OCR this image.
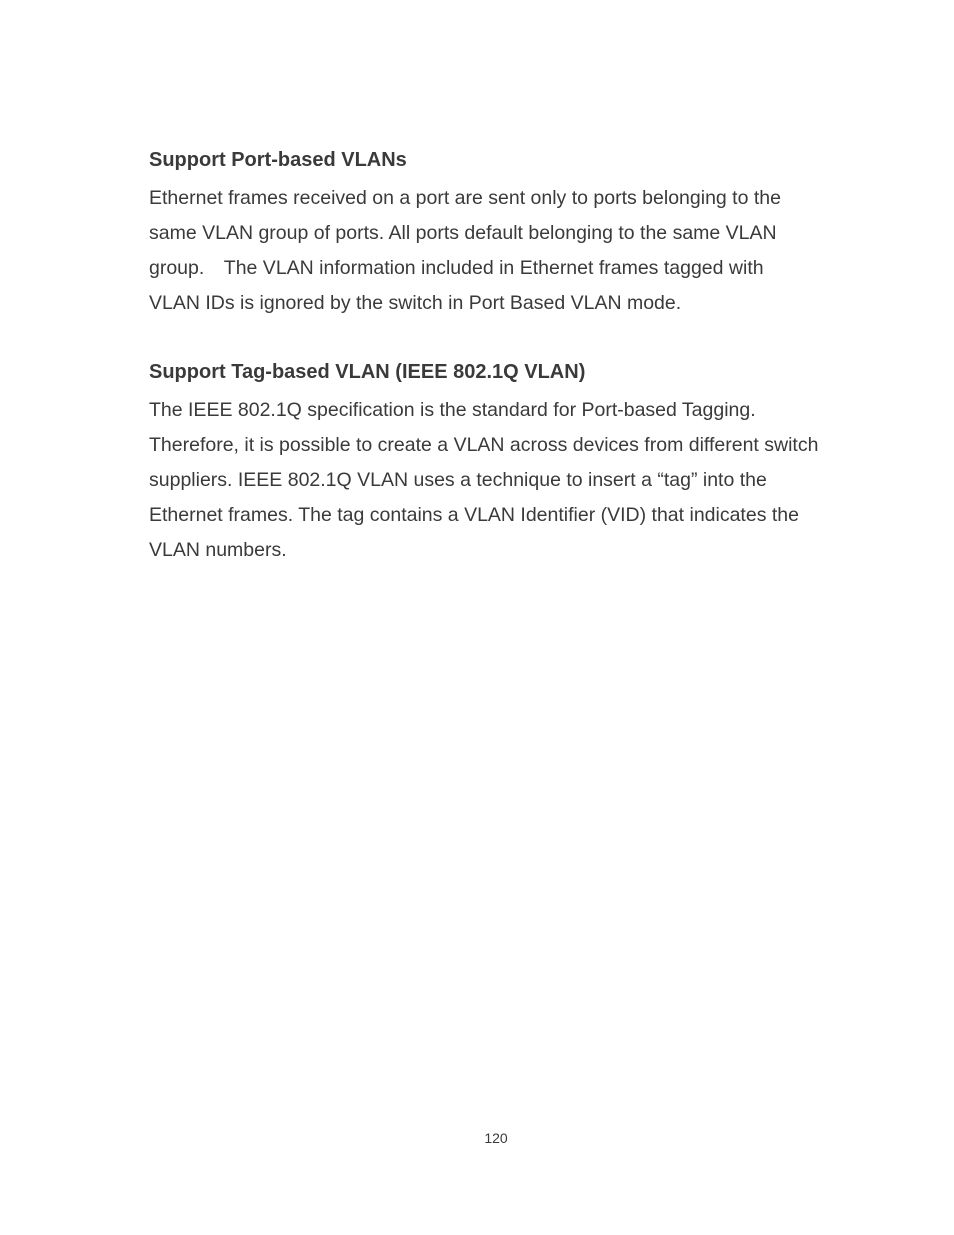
Support Port-based VLANs
Ethernet frames received on a port are sent only to ports belonging to the
same VLAN group of ports. All ports default belonging to the same VLAN
group.　The VLAN information included in Ethernet frames tagged with
VLAN IDs is ignored by the switch in Port Based VLAN mode.
Support Tag-based VLAN (IEEE 802.1Q VLAN)
The IEEE 802.1Q specification is the standard for Port-based Tagging.
Therefore, it is possible to create a VLAN across devices from different switch
suppliers. IEEE 802.1Q VLAN uses a technique to insert a “tag” into the
Ethernet frames. The tag contains a VLAN Identifier (VID) that indicates the
VLAN numbers.
120
